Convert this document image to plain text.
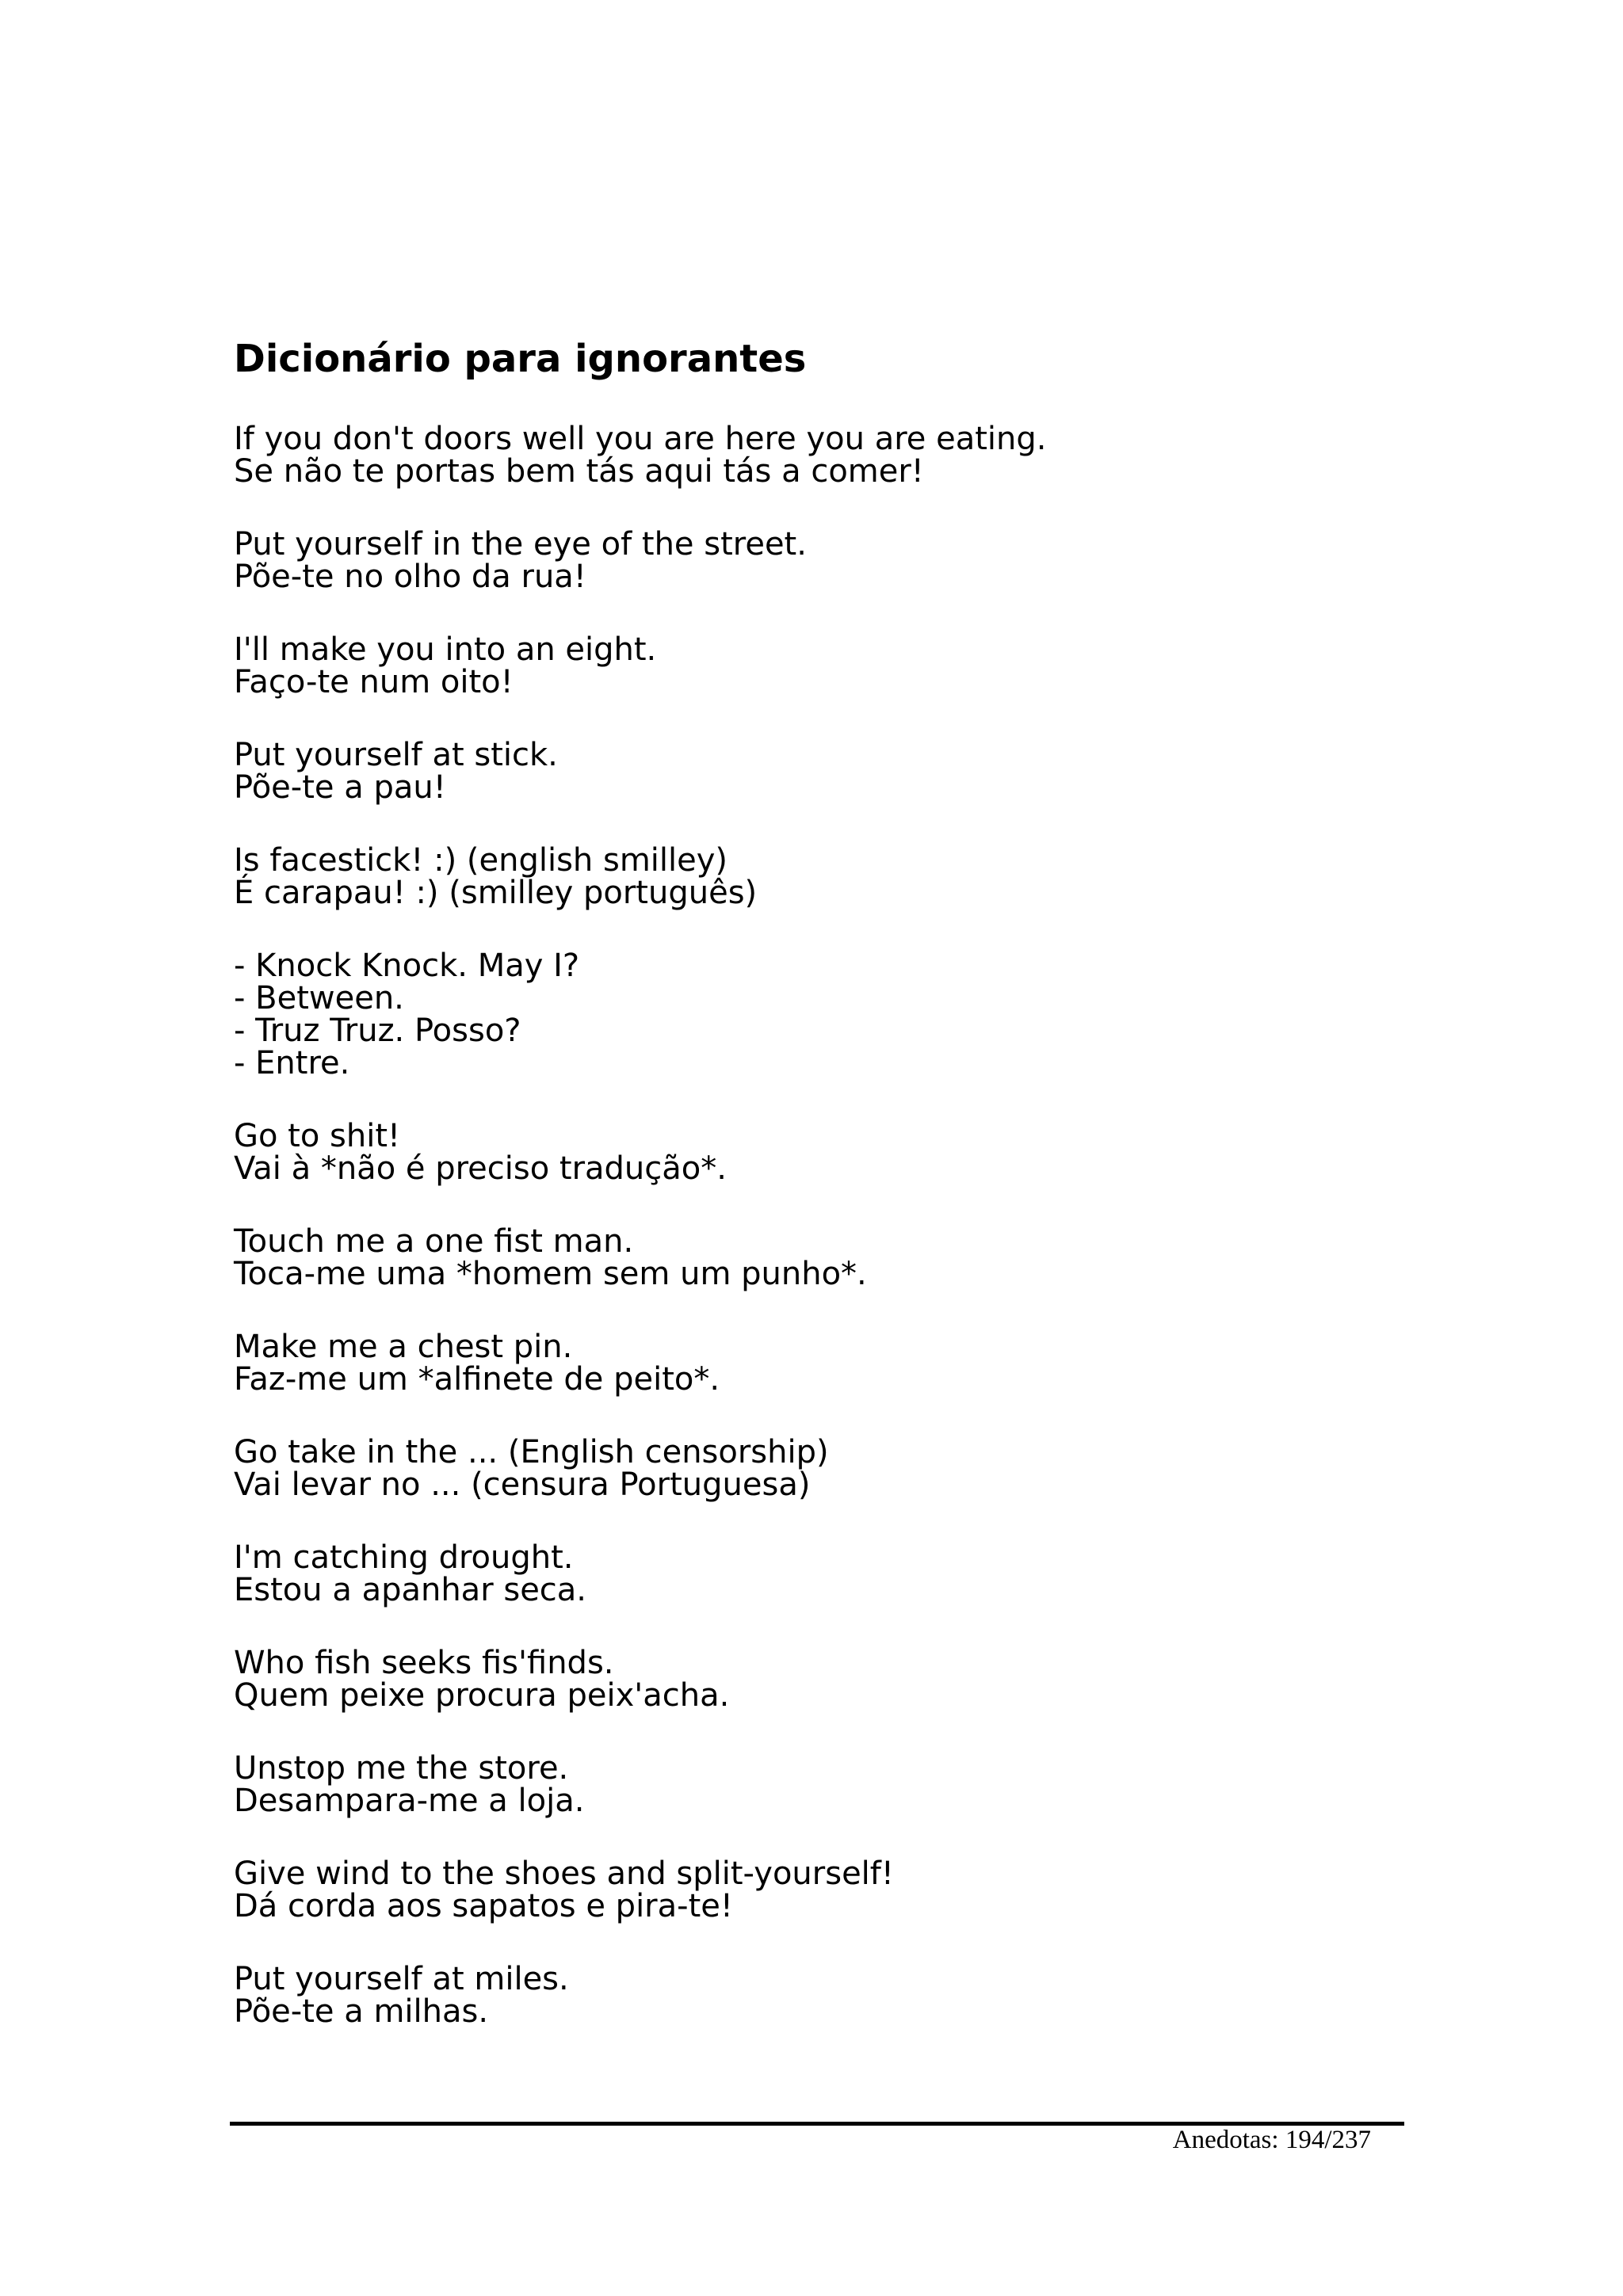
Dicionário para ignorantes
If you don't doors well you are here you are eating.
Se não te portas bem tás aqui tás a comer!
Put yourself in the eye of the street.
Põe-te no olho da rua!
I'll make you into an eight.
Faço-te num oito!
Put yourself at stick.
Põe-te a pau!
Is facestick! :) (english smilley)
É carapau! :) (smilley português)
- Knock Knock. May I?
- Between.
- Truz Truz. Posso?
- Entre.
Go to shit!
Vai à *não é preciso tradução*.
Touch me a one fist man.
Toca-me uma *homem sem um punho*.
Make me a chest pin.
Faz-me um *alfinete de peito*.
Go take in the ... (English censorship)
Vai levar no ... (censura Portuguesa)
I'm catching drought.
Estou a apanhar seca.
Who fish seeks fis'finds.
Quem peixe procura peix'acha.
Unstop me the store.
Desampara-me a loja.
Give wind to the shoes and split-yourself!
Dá corda aos sapatos e pira-te!
Put yourself at miles.
Põe-te a milhas.
Anedotas: 194/237
